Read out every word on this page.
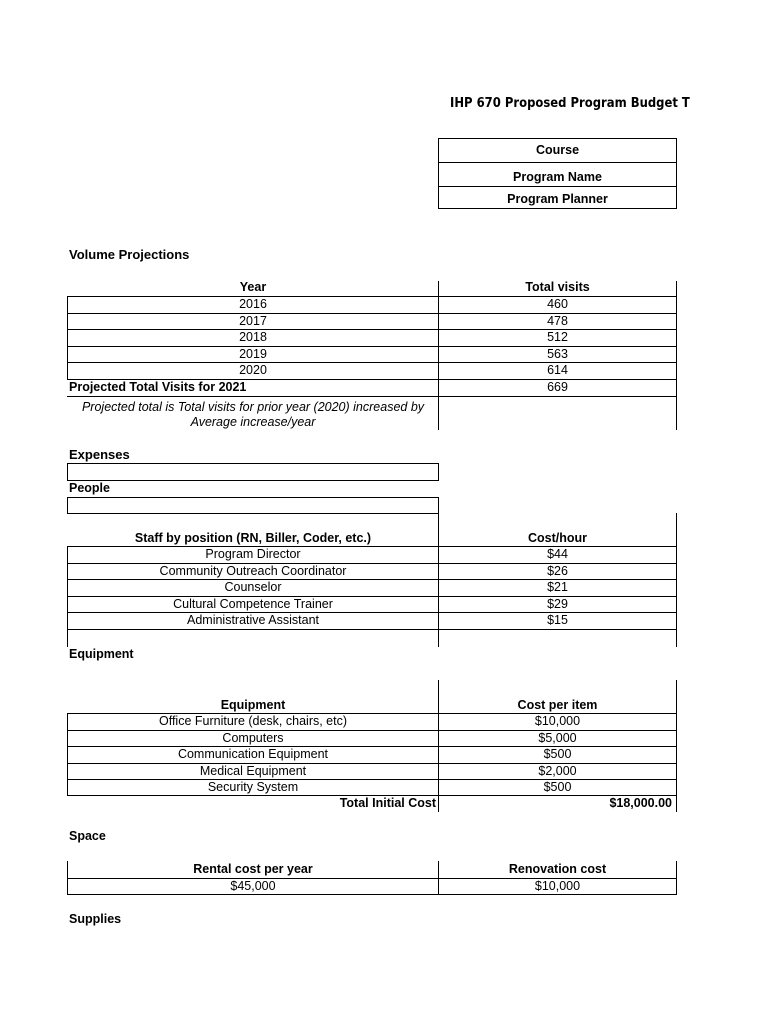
IHP 670 Proposed Program Budget T
Course
Program Name
Program Planner
Volume Projections
Year	Total visits
2016	460
2017	478
2018	512
2019	563
2020	614
Projected Total Visits for 2021	669
Projected total is Total visits for prior year (2020) increased by Average increase/year
Expenses
People
Staff by position (RN, Biller, Coder, etc.)	Cost/hour
Program Director	$44
Community Outreach Coordinator	$26
Counselor	$21
Cultural Competence Trainer	$29
Administrative Assistant	$15
Equipment
Equipment	Cost per item
Office Furniture (desk, chairs, etc)	$10,000
Computers	$5,000
Communication Equipment	$500
Medical Equipment	$2,000
Security System	$500
Total Initial Cost	$18,000.00
Space
Rental cost per year	Renovation cost
$45,000	$10,000
Supplies
